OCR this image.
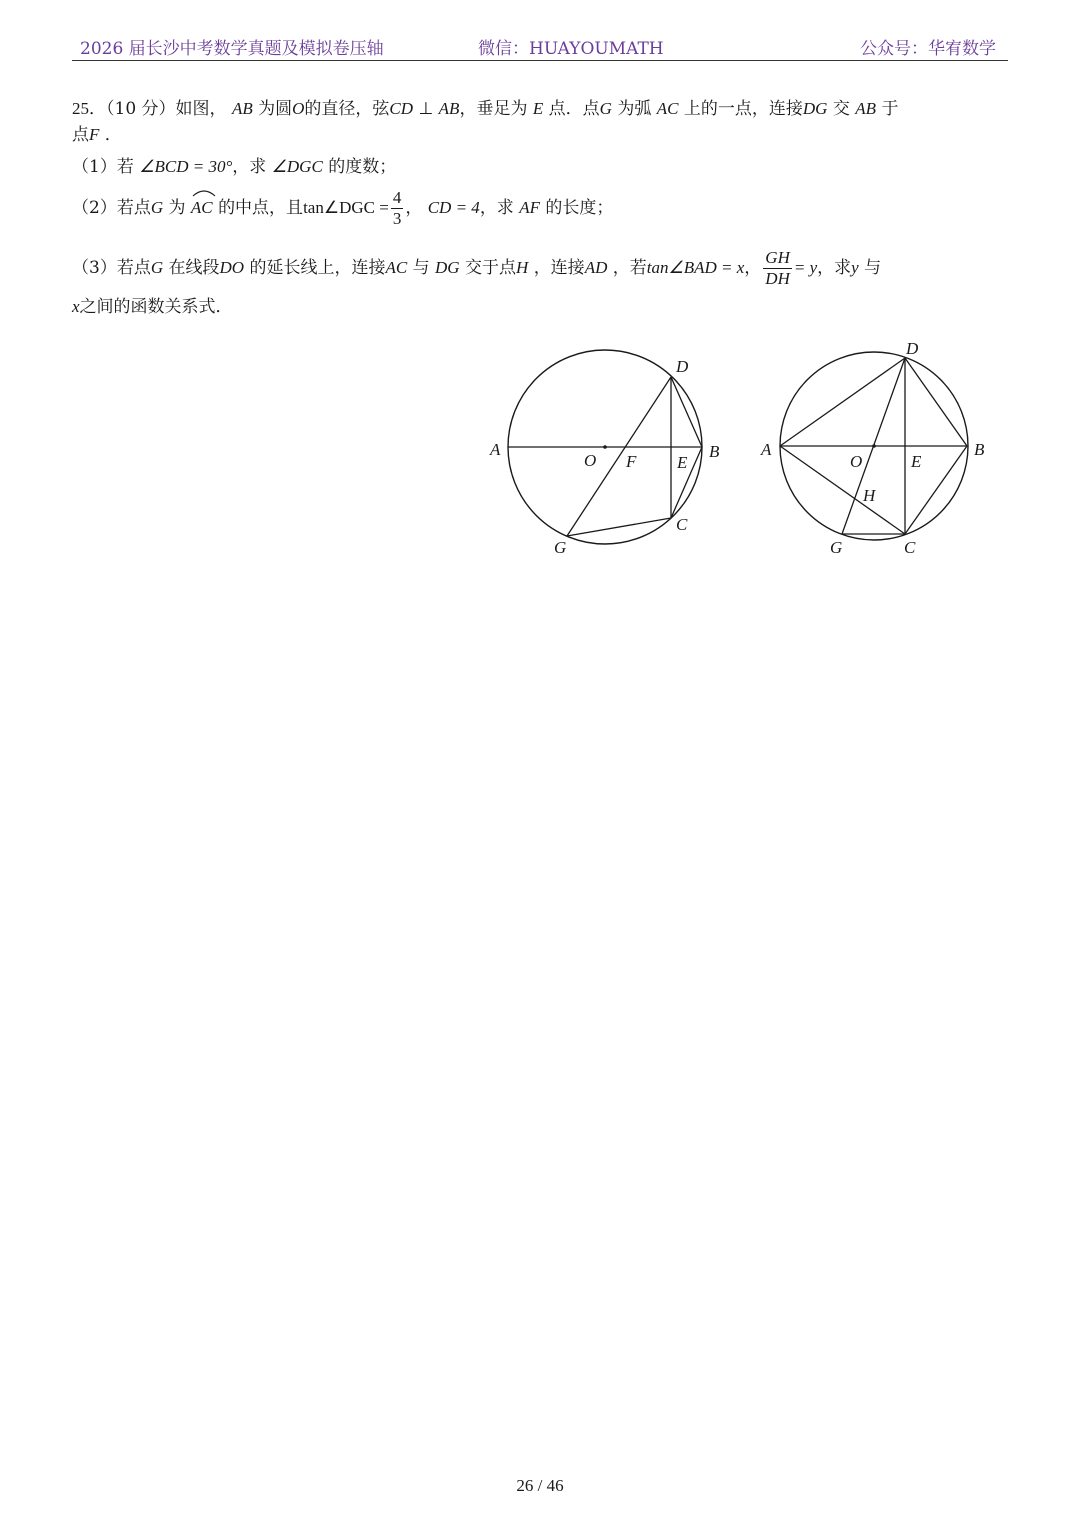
2026 届长沙中考数学真题及模拟卷压轴	微信：HUAYOUMATH	公众号：华宥数学
25．（10 分）如图， AB 为圆O的直径，弦CD ⊥ AB，垂足为 E 点．点G 为弧 AC 上的一点，连接DG 交 AB 于
点F ．
（1）若 ∠BCD = 30°，求 ∠DGC 的度数；
（2）若点G 为 AC 的中点，且tan∠DGC = $\frac{4}{3}$ ， CD = 4，求 AF 的长度；
（3）若点G 在线段DO 的延长线上，连接AC 与 DG 交于点H ，连接AD ，若tan∠BAD = x， $\frac{GH}{DH} = y$，求y 与
x之间的函数关系式．
A	B
D
O F E
C
G
A	B
D
O	E
H
G	C
26 / 46
